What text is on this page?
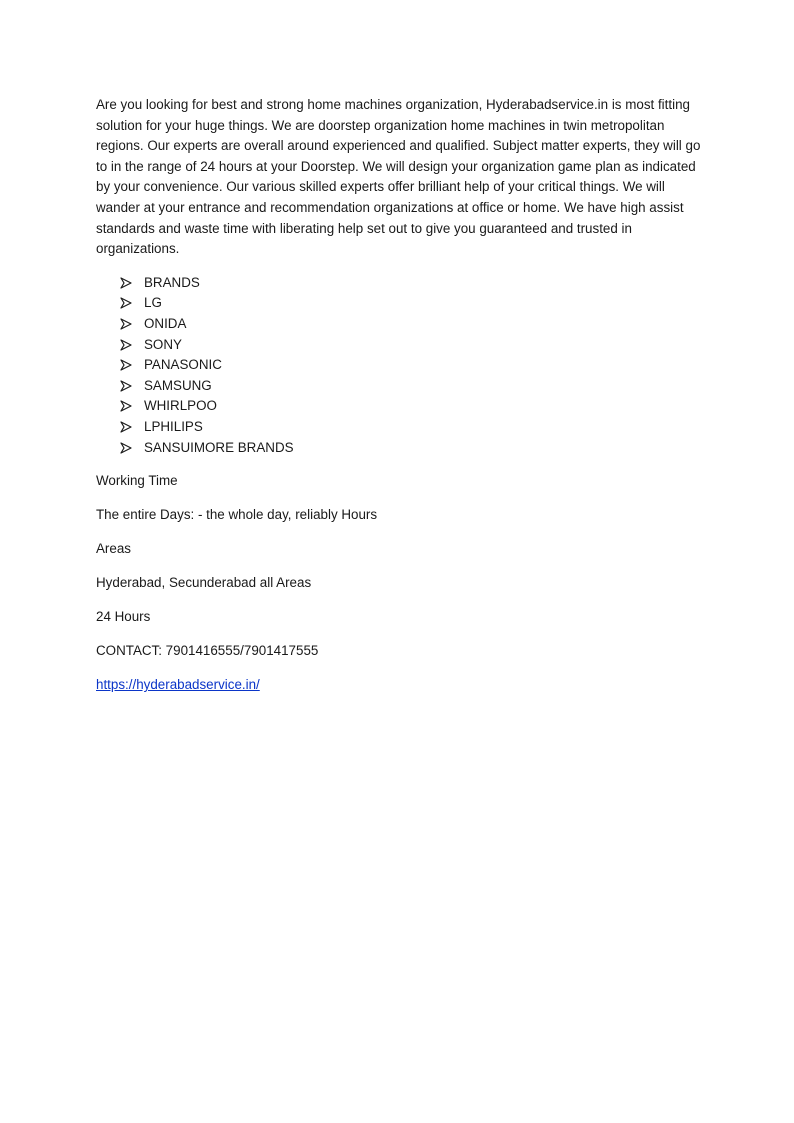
Are you looking for best and strong home machines organization, Hyderabadservice.in is most fitting solution for your huge things. We are doorstep organization home machines in twin metropolitan regions. Our experts are overall around experienced and qualified. Subject matter experts, they will go to in the range of 24 hours at your Doorstep. We will design your organization game plan as indicated by your convenience. Our various skilled experts offer brilliant help of your critical things. We will wander at your entrance and recommendation organizations at office or home. We have high assist standards and waste time with liberating help set out to give you guaranteed and trusted in organizations.

BRANDS
LG
ONIDA
SONY
PANASONIC
SAMSUNG
WHIRLPOO
LPHILIPS
SANSUIMORE BRANDS

Working Time

The entire Days: - the whole day, reliably Hours

Areas

Hyderabad, Secunderabad all Areas

24 Hours

CONTACT: 7901416555/7901417555

https://hyderabadservice.in/
